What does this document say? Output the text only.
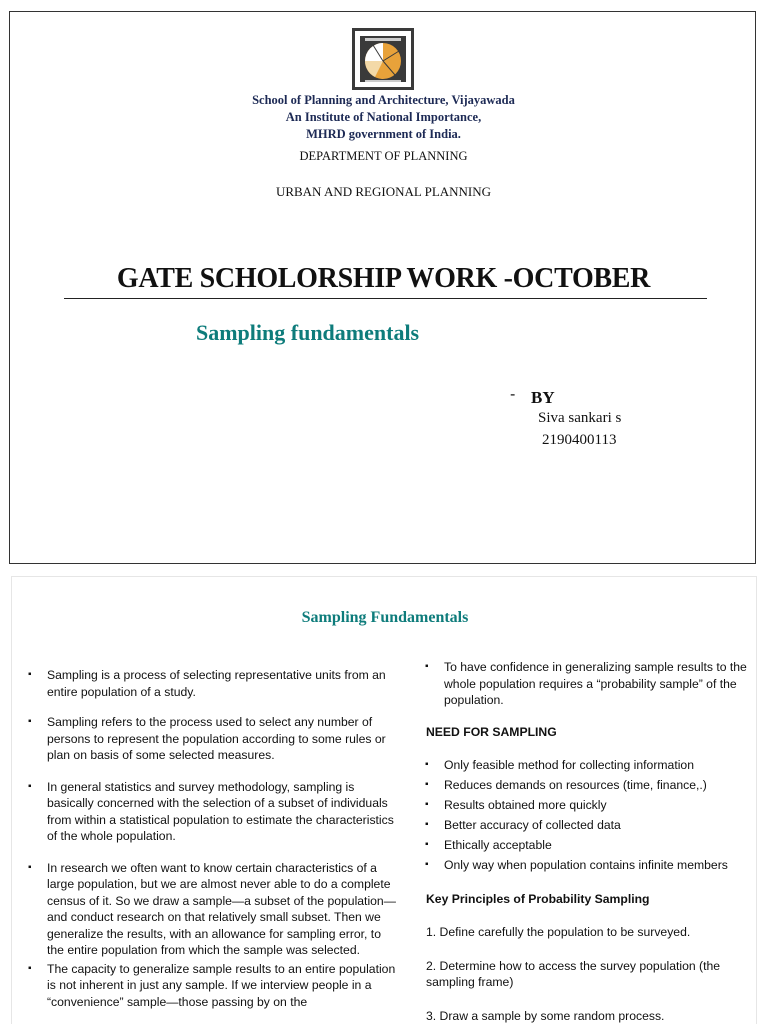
School of Planning and Architecture, Vijayawada
An Institute of National Importance,
MHRD government of India.
DEPARTMENT OF PLANNING
URBAN AND REGIONAL PLANNING
GATE SCHOLORSHIP WORK -OCTOBER
Sampling fundamentals
- BY
Siva sankari s
2190400113
Sampling Fundamentals

▪ Sampling is a process of selecting representative units from an entire population of a study.

▪ Sampling refers to the process used to select any number of persons to represent the population according to some rules or plan on basis of some selected measures.

▪ In general statistics and survey methodology, sampling is basically concerned with the selection of a subset of individuals from within a statistical population to estimate the characteristics of the whole population.

▪ In research we often want to know certain characteristics of a large population, but we are almost never able to do a complete census of it. So we draw a sample—a subset of the population—and conduct research on that relatively small subset. Then we generalize the results, with an allowance for sampling error, to the entire population from which the sample was selected.

▪ The capacity to generalize sample results to an entire population is not inherent in just any sample. If we interview people in a “convenience” sample—those passing by on the

▪ To have confidence in generalizing sample results to the whole population requires a “probability sample” of the population.

NEED FOR SAMPLING

▪ Only feasible method for collecting information

▪ Reduces demands on resources (time, finance,.)

▪ Results obtained more quickly

▪ Better accuracy of collected data

▪ Ethically acceptable

▪ Only way when population contains infinite members

Key Principles of Probability Sampling

1. Define carefully the population to be surveyed.

2. Determine how to access the survey population (the sampling frame)

3. Draw a sample by some random process.
